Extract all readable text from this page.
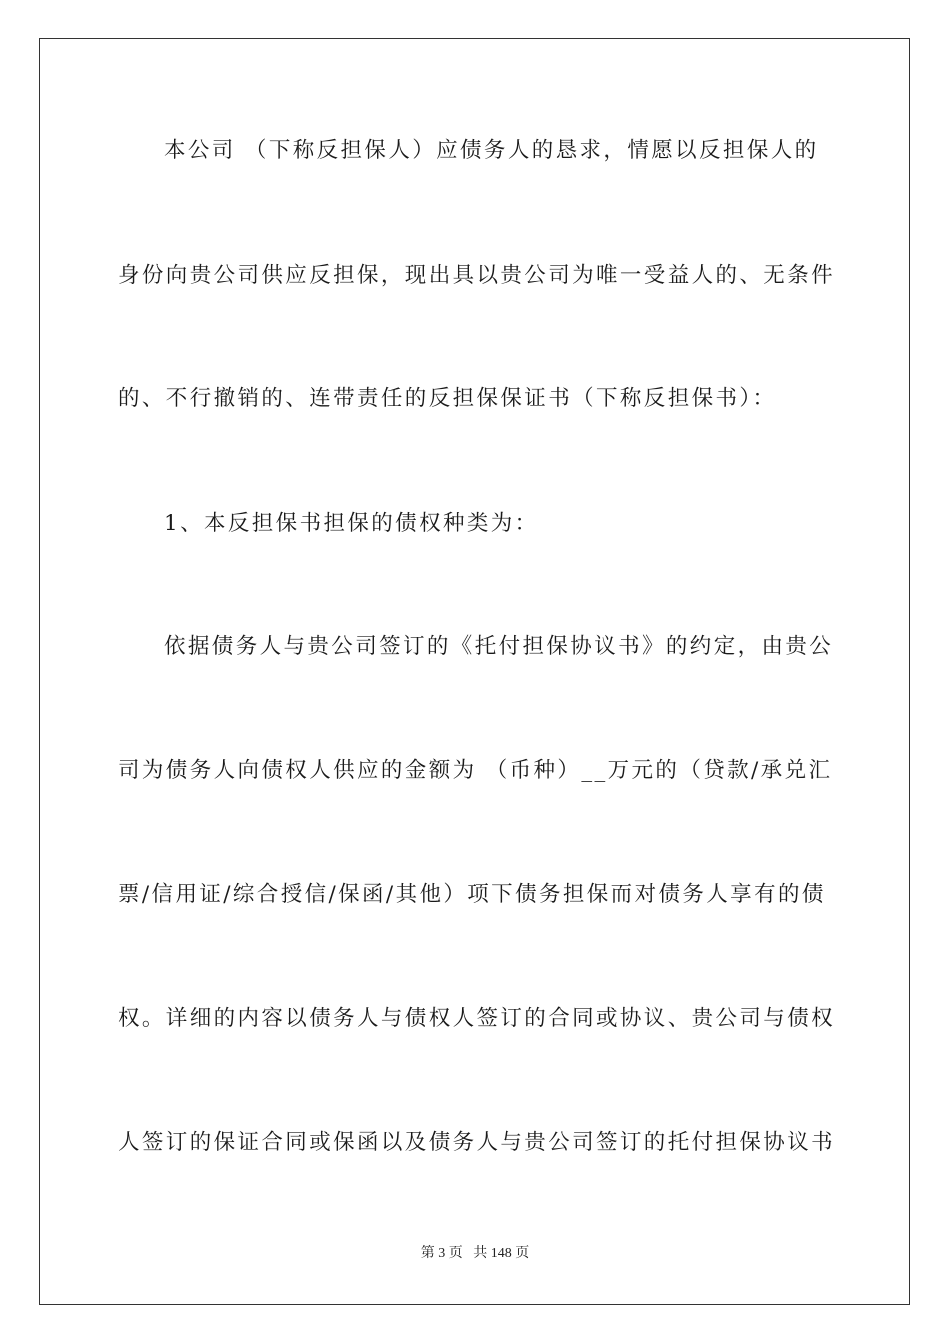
本公司 （下称反担保人）应债务人的恳求，情愿以反担保人的
身份向贵公司供应反担保，现出具以贵公司为唯一受益人的、无条件
的、不行撤销的、连带责任的反担保保证书（下称反担保书）：
1、本反担保书担保的债权种类为：
依据债务人与贵公司签订的《托付担保协议书》的约定，由贵公
司为债务人向债权人供应的金额为 （币种）__万元的（贷款/承兑汇
票/信用证/综合授信/保函/其他）项下债务担保而对债务人享有的债
权。详细的内容以债务人与债权人签订的合同或协议、贵公司与债权
人签订的保证合同或保函以及债务人与贵公司签订的托付担保协议书
第 3 页   共 148 页
